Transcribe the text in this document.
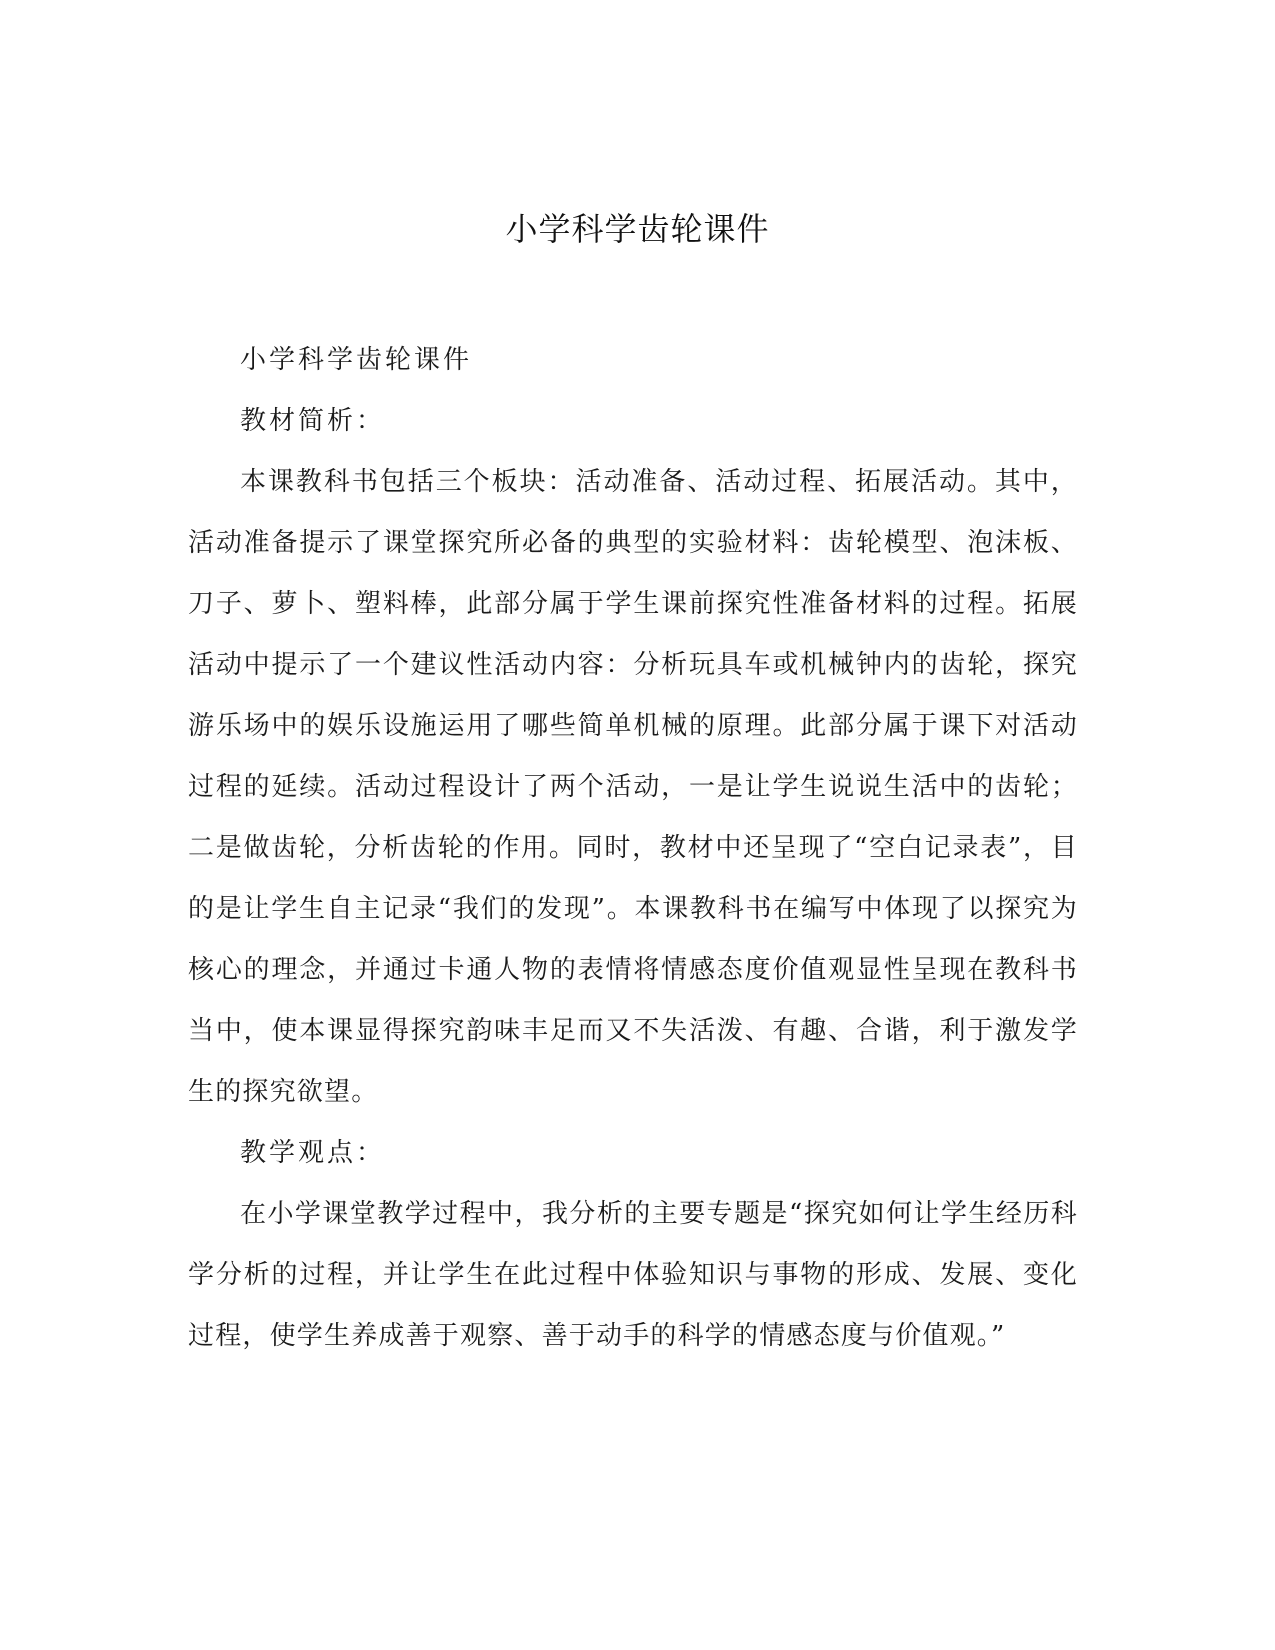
小学科学齿轮课件

小学科学齿轮课件

教材简析：

本课教科书包括三个板块：活动准备、活动过程、拓展活动。其中，活动准备提示了课堂探究所必备的典型的实验材料：齿轮模型、泡沫板、刀子、萝卜、塑料棒，此部分属于学生课前探究性准备材料的过程。拓展活动中提示了一个建议性活动内容：分析玩具车或机械钟内的齿轮，探究游乐场中的娱乐设施运用了哪些简单机械的原理。此部分属于课下对活动过程的延续。活动过程设计了两个活动，一是让学生说说生活中的齿轮；二是做齿轮，分析齿轮的作用。同时，教材中还呈现了“空白记录表”，目的是让学生自主记录“我们的发现”。本课教科书在编写中体现了以探究为核心的理念，并通过卡通人物的表情将情感态度价值观显性呈现在教科书当中，使本课显得探究韵味丰足而又不失活泼、有趣、合谐，利于激发学生的探究欲望。

教学观点：

在小学课堂教学过程中，我分析的主要专题是“探究如何让学生经历科学分析的过程，并让学生在此过程中体验知识与事物的形成、发展、变化过程，使学生养成善于观察、善于动手的科学的情感态度与价值观。”
